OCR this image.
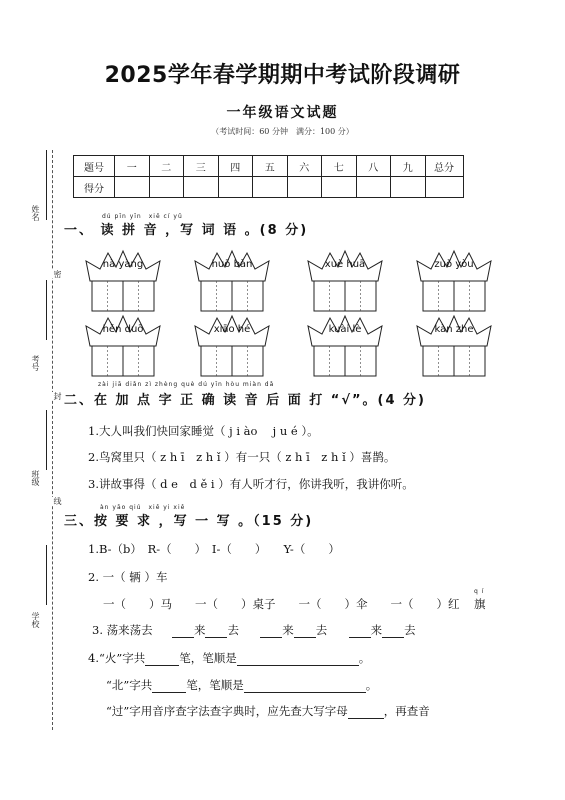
2025学年春学期期中考试阶段调研
一年级语文试题
（考试时间：60 分钟　满分：100 分）
姓名
密
考号
封
班级
线
学校
题号	一	二	三	四	五	六	七	八	九	总分
得分										
dú pīn yīn　xiě cí yǔ
一、 读 拼 音 ，写 词 语 。(8 分)
nà yàng	huō bàn	xuě huā	zuǒ yòu
hěn duō	xiāo hé	kuài lè	kàn zhe
zài jiā diǎn zì zhèng què dú yīn hòu miàn dǎ
二、在 加 点 字 正 确 读 音 后 面 打 “√”。(4 分)
1.大人叫我们快回家睡觉（ j i ào 　j u é ）。
2.鸟窝里只（ z h ī　z h ǐ ）有一只（ z h ī　z h ǐ ）喜鹊。
3.讲故事得（ d e　d ě i ）有人听才行，你讲我听，我讲你听。
àn yāo qiú　xiě yi xiě
三、按 要 求 ，写 一 写 。（15 分)
1.B-（b）　R-（　　）　I-（　　）　　Y-（　　）
2. 一（ 辆 ）车
一（　　）马　　一（　　）桌子　　一（　　）伞　　一（　　）红
q í
旗
3. 荡来荡去	来 去	来 去	来 去
4.“火”字共	笔，笔顺是	。
“北”字共	笔，笔顺是	。
“过”字用音序查字法查字典时，应先查大写字母	，再查音
